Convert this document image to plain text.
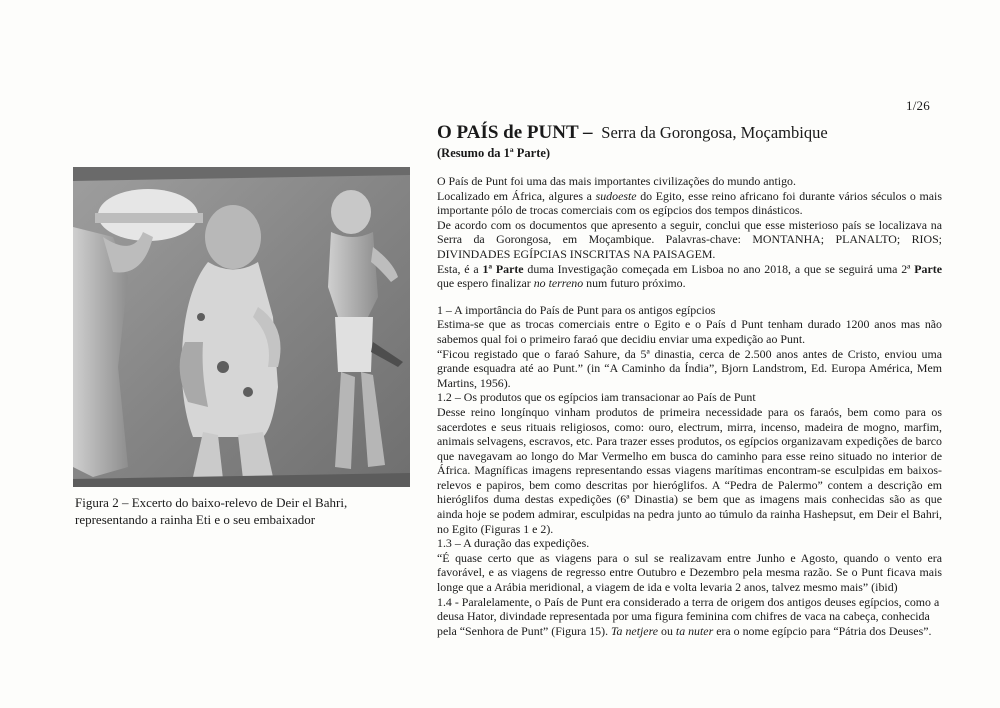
1/26
O PAÍS de PUNT – Serra da Gorongosa, Moçambique
(Resumo da 1ª Parte)
Figura 2 – Excerto do baixo-relevo de Deir el Bahri,
representando a rainha Eti e o seu embaixador

O País de Punt foi uma das mais importantes civilizações do mundo antigo.

Localizado em África, algures a sudoeste do Egito, esse reino africano foi durante vários séculos o mais importante pólo de trocas comerciais com os egípcios dos tempos dinásticos.

De acordo com os documentos que apresento a seguir, conclui que esse misterioso país se localizava na Serra da Gorongosa, em Moçambique. Palavras-chave: MONTANHA; PLANALTO; RIOS; DIVINDADES EGÍPCIAS INSCRITAS NA PAISAGEM.

Esta, é a 1ª Parte duma Investigação começada em Lisboa no ano 2018, a que se seguirá uma 2ª Parte que espero finalizar no terreno num futuro próximo.

1 – A importância do País de Punt para os antigos egípcios

Estima-se que as trocas comerciais entre o Egito e o País d Punt tenham durado 1200 anos mas não sabemos qual foi o primeiro faraó que decidiu enviar uma expedição ao Punt.

“Ficou registado que o faraó Sahure, da 5ª dinastia, cerca de 2.500 anos antes de Cristo, enviou uma grande esquadra até ao Punt.” (in “A Caminho da Índia”, Bjorn Landstrom, Ed. Europa América, Mem Martins, 1956).

1.2 – Os produtos que os egípcios iam transacionar ao País de Punt

Desse reino longínquo vinham produtos de primeira necessidade para os faraós, bem como para os sacerdotes e seus rituais religiosos, como: ouro, electrum, mirra, incenso, madeira de mogno, marfim, animais selvagens, escravos, etc. Para trazer esses produtos, os egípcios organizavam expedições de barco que navegavam ao longo do Mar Vermelho em busca do caminho para esse reino situado no interior de África. Magníficas imagens representando essas viagens marítimas encontram-se esculpidas em baixos-relevos e papiros, bem como descritas por hieróglifos. A “Pedra de Palermo” contem a descrição em hieróglifos duma destas expedições (6ª Dinastia) se bem que as imagens mais conhecidas são as que ainda hoje se podem admirar, esculpidas na pedra junto ao túmulo da rainha Hashepsut, em Deir el Bahri, no Egito (Figuras 1 e 2).

1.3 – A duração das expedições.

“É quase certo que as viagens para o sul se realizavam entre Junho e Agosto, quando o vento era favorável, e as viagens de regresso entre Outubro e Dezembro pela mesma razão. Se o Punt ficava mais longe que a Arábia meridional, a viagem de ida e volta levaria 2 anos, talvez mesmo mais” (ibid)

1.4 - Paralelamente, o País de Punt era considerado a terra de origem dos antigos deuses egípcios, como a deusa Hator, divindade representada por uma figura feminina com chifres de vaca na cabeça, conhecida pela “Senhora de Punt” (Figura 15). Ta netjere ou ta nuter era o nome egípcio para “Pátria dos Deuses”.
